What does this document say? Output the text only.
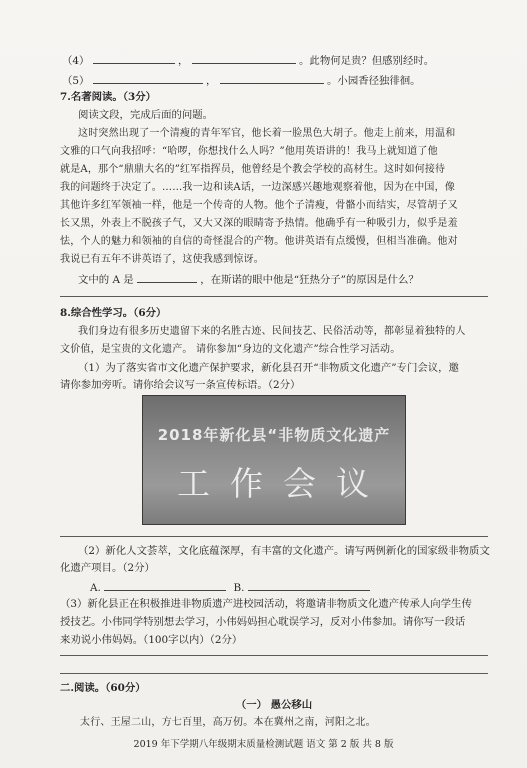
（4）	，	。此物何足贵？但感别经时。
（5）	，	。小园香径独徘徊。
7.名著阅读。（3分）
阅读文段，完成后面的问题。
这时突然出现了一个清瘦的青年军官，他长着一脸黑色大胡子。他走上前来，用温和
文雅的口气向我招呼：“哈啰，你想找什么人吗？”他用英语讲的！我马上就知道了他
就是A，那个“鼎鼎大名的”红军指挥员，他曾经是个教会学校的高材生。这时如何接待
我的问题终于决定了。……我一边和读A话，一边深感兴趣地观察着他，因为在中国，像
其他许多红军领袖一样，他是一个传奇的人物。他个子清瘦，骨骼小而结实，尽管胡子又
长又黑，外表上不脱孩子气，又大又深的眼睛寄予热情。他确乎有一种吸引力，似乎是羞
怯，个人的魅力和领袖的自信的奇怪混合的产物。他讲英语有点缓慢，但相当准确。他对
我说已有五年不讲英语了，这使我感到惊讶。
文中的 A 是	，在斯诺的眼中他是“狂热分子”的原因是什么？
8.综合性学习。（6分）
我们身边有很多历史遗留下来的名胜古迹、民间技艺、民俗活动等，都彰显着独特的人
文价值，是宝贵的文化遗产。 请你参加“身边的文化遗产”综合性学习活动。
（1）为了落实省市文化遗产保护要求，新化县召开“非物质文化遗产”专门会议，邀
请你参加旁听。请你给会议写一条宣传标语。（2分）
2018年新化县“非物质文化遗产
工作会议
（2）新化人文荟萃，文化底蕴深厚，有丰富的文化遗产。请写两例新化的国家级非物质文
化遗产项目。（2分）
A.	B.
（3）新化县正在积极推进非物质遗产进校园活动，将邀请非物质文化遗产传承人向学生传
授技艺。小伟同学特别想去学习，小伟妈妈担心耽误学习，反对小伟参加。请你写一段话
来劝说小伟妈妈。（100字以内）（2分）
二.阅读。（60分）
（一） 愚公移山
太行、王屋二山，方七百里，高万仞。本在冀州之南，河阳之北。
2019 年下学期八年级期末质量检测试题 语文 第 2 版 共 8 版
